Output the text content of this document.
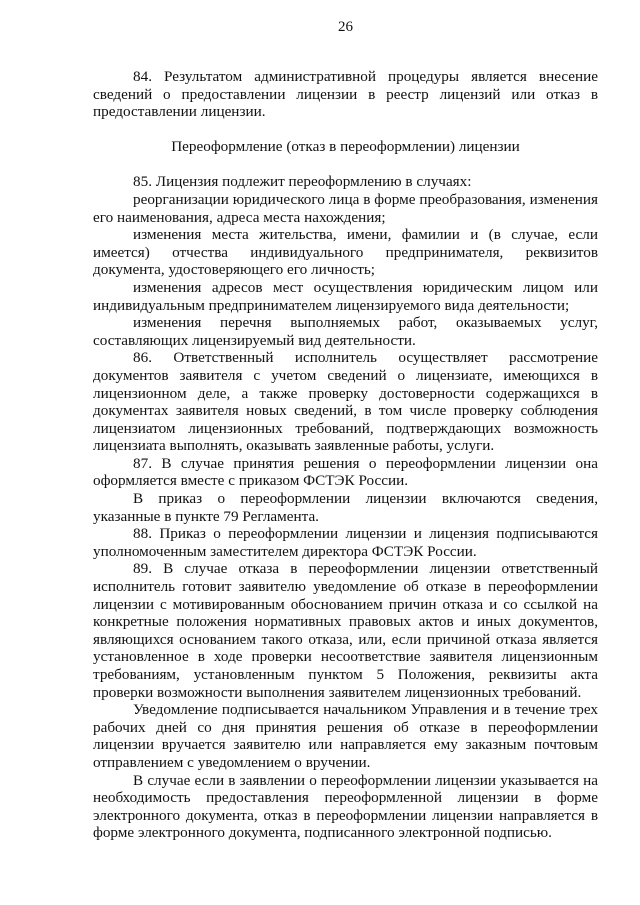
26

84. Результатом административной процедуры является внесение сведений о предоставлении лицензии в реестр лицензий или отказ в предоставлении лицензии.

Переоформление (отказ в переоформлении) лицензии

85. Лицензия подлежит переоформлению в случаях:

реорганизации юридического лица в форме преобразования, изменения его наименования, адреса места нахождения;

изменения места жительства, имени, фамилии и (в случае, если имеется) отчества индивидуального предпринимателя, реквизитов документа, удостоверяющего его личность;

изменения адресов мест осуществления юридическим лицом или индивидуальным предпринимателем лицензируемого вида деятельности;

изменения перечня выполняемых работ, оказываемых услуг, составляющих лицензируемый вид деятельности.

86. Ответственный исполнитель осуществляет рассмотрение документов заявителя с учетом сведений о лицензиате, имеющихся в лицензионном деле, а также проверку достоверности содержащихся в документах заявителя новых сведений, в том числе проверку соблюдения лицензиатом лицензионных требований, подтверждающих возможность лицензиата выполнять, оказывать заявленные работы, услуги.

87. В случае принятия решения о переоформлении лицензии она оформляется вместе с приказом ФСТЭК России.

В приказ о переоформлении лицензии включаются сведения, указанные в пункте 79 Регламента.

88. Приказ о переоформлении лицензии и лицензия подписываются уполномоченным заместителем директора ФСТЭК России.

89. В случае отказа в переоформлении лицензии ответственный исполнитель готовит заявителю уведомление об отказе в переоформлении лицензии с мотивированным обоснованием причин отказа и со ссылкой на конкретные положения нормативных правовых актов и иных документов, являющихся основанием такого отказа, или, если причиной отказа является установленное в ходе проверки несоответствие заявителя лицензионным требованиям, установленным пунктом 5 Положения, реквизиты акта проверки возможности выполнения заявителем лицензионных требований.

Уведомление подписывается начальником Управления и в течение трех рабочих дней со дня принятия решения об отказе в переоформлении лицензии вручается заявителю или направляется ему заказным почтовым отправлением с уведомлением о вручении.

В случае если в заявлении о переоформлении лицензии указывается на необходимость предоставления переоформленной лицензии в форме электронного документа, отказ в переоформлении лицензии направляется в форме электронного документа, подписанного электронной подписью.
